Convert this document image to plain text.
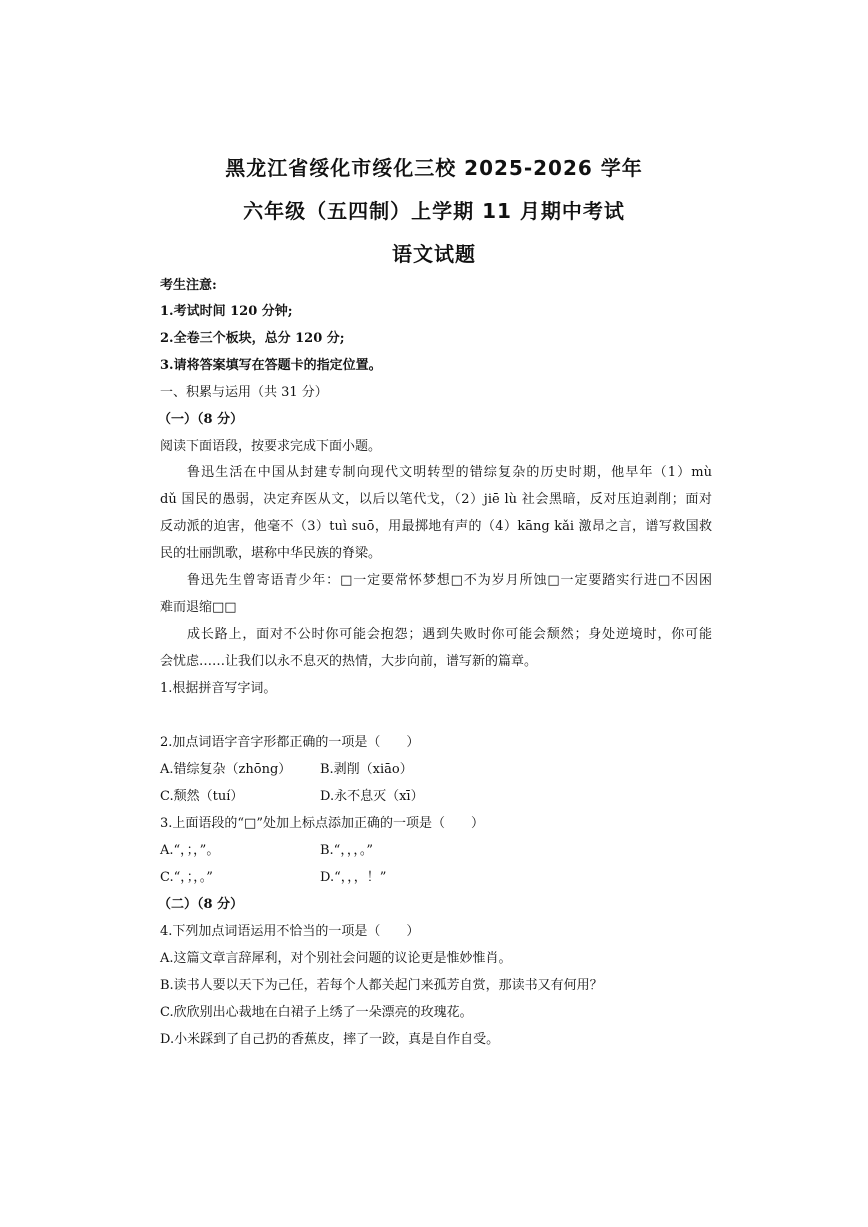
黑龙江省绥化市绥化三校 2025-2026 学年
六年级（五四制）上学期 11 月期中考试
语文试题
考生注意:
1.考试时间 120 分钟;
2.全卷三个板块，总分 120 分;
3.请将答案填写在答题卡的指定位置。
一、积累与运用（共 31 分）
（一）（8 分）
阅读下面语段，按要求完成下面小题。
鲁迅生活在中国从封建专制向现代文明转型的错综复杂的历史时期，他早年（1）mù
dǔ 国民的愚弱，决定弃医从文，以后以笔代戈，（2）jiē lù 社会黑暗，反对压迫剥削；面对
反动派的迫害，他毫不（3）tuì suō，用最掷地有声的（4）kāng kǎi 激昂之言，谱写救国救
民的壮丽凯歌，堪称中华民族的脊梁。
鲁迅先生曾寄语青少年：□一定要常怀梦想□不为岁月所蚀□一定要踏实行进□不因困
难而退缩□□
成长路上，面对不公时你可能会抱怨；遇到失败时你可能会颓然；身处逆境时，你可能
会忧虑……让我们以永不息灭的热情，大步向前，谱写新的篇章。
1.根据拼音写字词。
2.加点词语字音字形都正确的一项是（　　）
A.错综复杂（zhōng） B.剥削（xiāo）
C.颓然（tuí）	D.永不息灭（xī）
3.上面语段的“□”处加上标点添加正确的一项是（　　）
A.“，；，”。	B.“，，，。”
C.“，；，。”	D.“，，，！”
（二）（8 分）
4.下列加点词语运用不恰当的一项是（　　）
A.这篇文章言辞犀利，对个别社会问题的议论更是惟妙惟肖。
B.读书人要以天下为己任，若每个人都关起门来孤芳自赏，那读书又有何用？
C.欣欣别出心裁地在白裙子上绣了一朵漂亮的玫瑰花。
D.小米踩到了自己扔的香蕉皮，摔了一跤，真是自作自受。
